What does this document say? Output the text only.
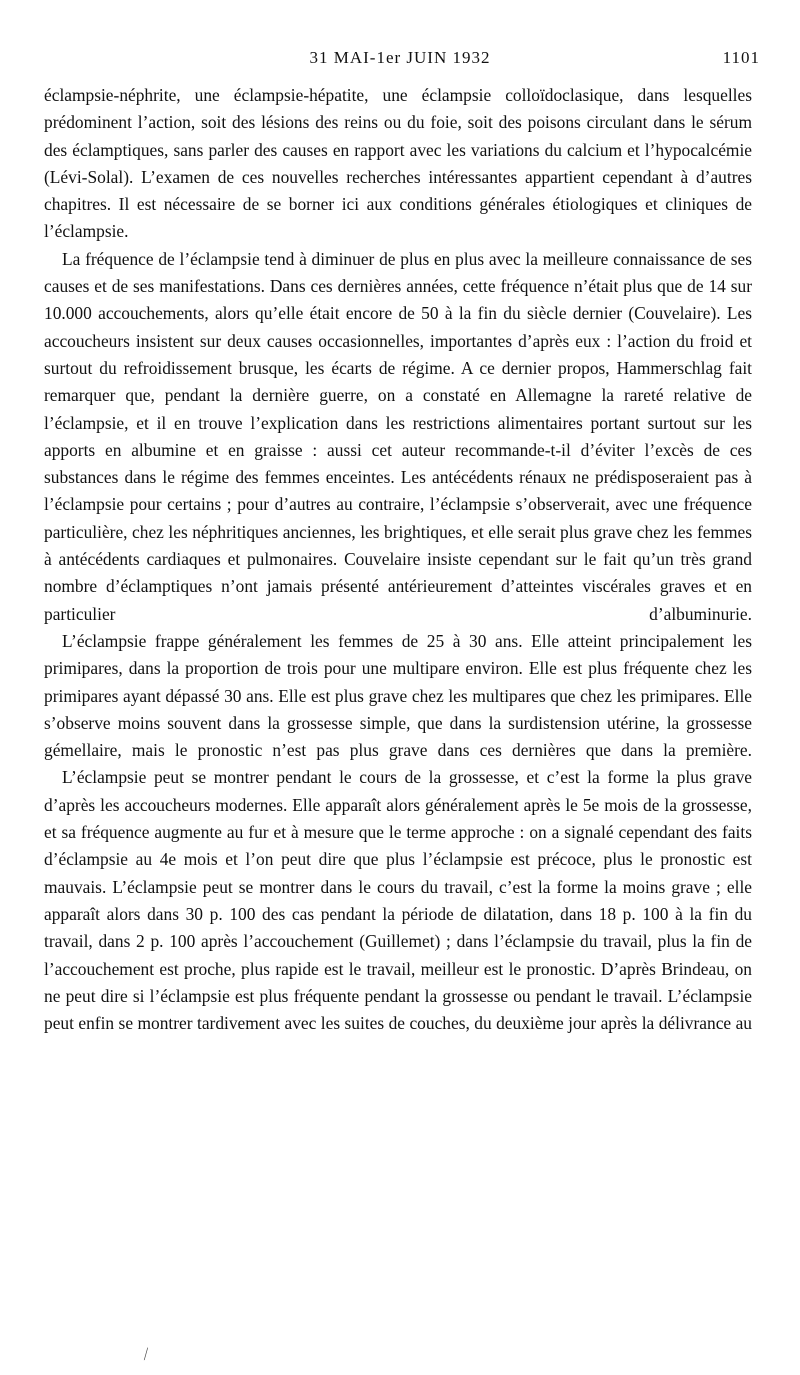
31 MAI-1er JUIN 1932	1101

éclampsie-néphrite, une éclampsie-hépatite, une éclampsie colloïdoclasique, dans lesquelles prédominent l’action, soit des lésions des reins ou du foie, soit des poisons circulant dans le sérum des éclamptiques, sans parler des causes en rapport avec les variations du calcium et l’hypocalcémie (Lévi-Solal). L’examen de ces nouvelles recherches intéressantes appartient cependant à d’autres chapitres. Il est nécessaire de se borner ici aux conditions générales étiologiques et cliniques de l’éclampsie.

La fréquence de l’éclampsie tend à diminuer de plus en plus avec la meilleure connaissance de ses causes et de ses manifestations. Dans ces dernières années, cette fréquence n’était plus que de 14 sur 10.000 accouchements, alors qu’elle était encore de 50 à la fin du siècle dernier (Couvelaire). Les accoucheurs insistent sur deux causes occasionnelles, importantes d’après eux : l’action du froid et surtout du refroidissement brusque, les écarts de régime. A ce dernier propos, Hammerschlag fait remarquer que, pendant la dernière guerre, on a constaté en Allemagne la rareté relative de l’éclampsie, et il en trouve l’explication dans les restrictions alimentaires portant surtout sur les apports en albumine et en graisse : aussi cet auteur recommande-t-il d’éviter l’excès de ces substances dans le régime des femmes enceintes. Les antécédents rénaux ne prédisposeraient pas à l’éclampsie pour certains ; pour d’autres au contraire, l’éclampsie s’observerait, avec une fréquence particulière, chez les néphritiques anciennes, les brightiques, et elle serait plus grave chez les femmes à antécédents cardiaques et pulmonaires. Couvelaire insiste cependant sur le fait qu’un très grand nombre d’éclamptiques n’ont jamais présenté antérieurement d’atteintes viscérales graves et en particulier d’albuminurie.

L’éclampsie frappe généralement les femmes de 25 à 30 ans. Elle atteint principalement les primipares, dans la proportion de trois pour une multipare environ. Elle est plus fréquente chez les primipares ayant dépassé 30 ans. Elle est plus grave chez les multipares que chez les primipares. Elle s’observe moins souvent dans la grossesse simple, que dans la surdistension utérine, la grossesse gémellaire, mais le pronostic n’est pas plus grave dans ces dernières que dans la première.

L’éclampsie peut se montrer pendant le cours de la grossesse, et c’est la forme la plus grave d’après les accoucheurs modernes. Elle apparaît alors généralement après le 5e mois de la grossesse, et sa fréquence augmente au fur et à mesure que le terme approche : on a signalé cependant des faits d’éclampsie au 4e mois et l’on peut dire que plus l’éclampsie est précoce, plus le pronostic est mauvais. L’éclampsie peut se montrer dans le cours du travail, c’est la forme la moins grave ; elle apparaît alors dans 30 p. 100 des cas pendant la période de dilatation, dans 18 p. 100 à la fin du travail, dans 2 p. 100 après l’accouchement (Guillemet) ; dans l’éclampsie du travail, plus la fin de l’accouchement est proche, plus rapide est le travail, meilleur est le pronostic. D’après Brindeau, on ne peut dire si l’éclampsie est plus fréquente pendant la grossesse ou pendant le travail. L’éclampsie peut enfin se montrer tardivement avec les suites de couches, du deuxième jour après la délivrance au

⁄
